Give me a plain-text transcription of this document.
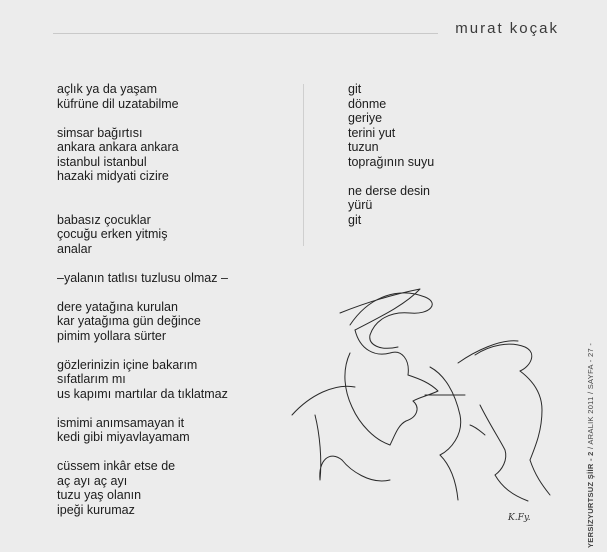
murat koçak
açlık ya da yaşam
küfrüne dil uzatabilme
simsar bağırtısı
ankara ankara ankara
istanbul istanbul
hazaki midyati cizire
babasız çocuklar
çocuğu erken yitmiş
analar
–yalanın tatlısı tuzlusu olmaz –
dere yatağına kurulan
kar yatağıma gün değince
pimim yollara sürter
gözlerinizin içine bakarım
sıfatlarım mı
us kapımı martılar da tıklatmaz
ismimi anımsamayan it
kedi gibi miyavlayamam
cüssem inkâr etse de
aç ayı aç ayı
tuzu yaş olanın
ipeği kurumaz
git
dönme
geriye
terini yut
tuzun
toprağının suyu
ne derse desin
yürü
git
K.Fy.	YERSİZYURTSUZ ŞİİR - 2 / ARALIK 2011 / SAYFA - 27 -
